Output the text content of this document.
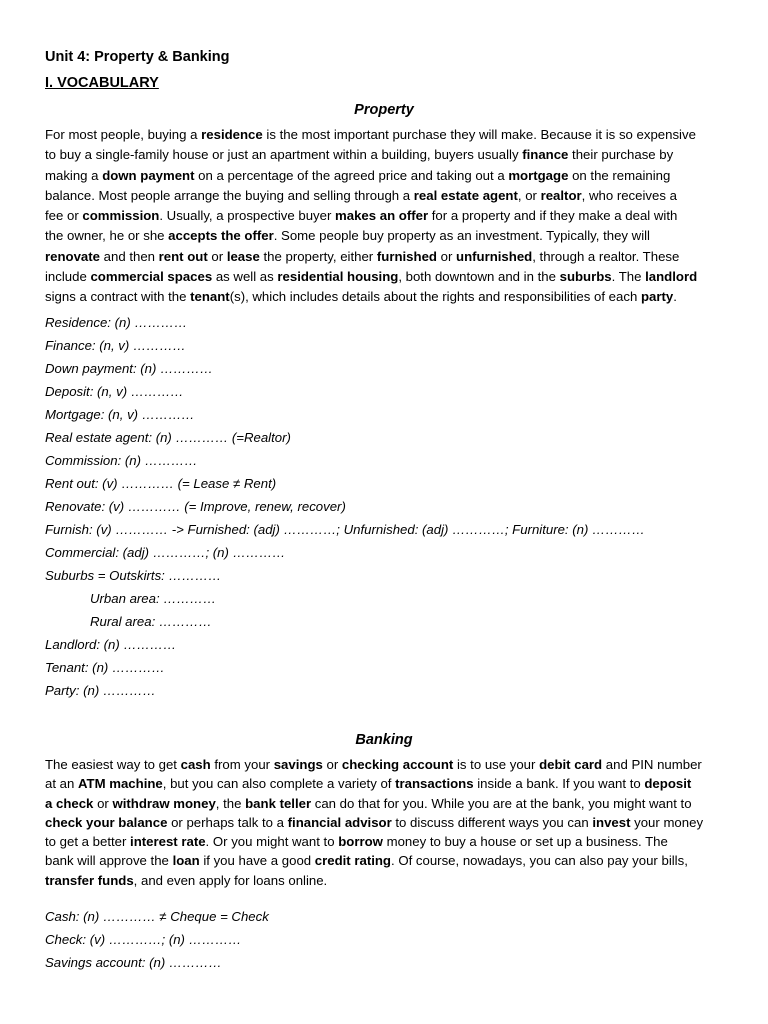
Unit 4: Property & Banking
I. VOCABULARY
Property
For most people, buying a residence is the most important purchase they will make. Because it is so expensive
to buy a single-family house or just an apartment within a building, buyers usually finance their purchase by
making a down payment on a percentage of the agreed price and taking out a mortgage on the remaining
balance. Most people arrange the buying and selling through a real estate agent, or realtor, who receives a
fee or commission. Usually, a prospective buyer makes an offer for a property and if they make a deal with
the owner, he or she accepts the offer. Some people buy property as an investment. Typically, they will
renovate and then rent out or lease the property, either furnished or unfurnished, through a realtor. These
include commercial spaces as well as residential housing, both downtown and in the suburbs. The landlord
signs a contract with the tenant(s), which includes details about the rights and responsibilities of each party.
Residence: (n) …………
Finance: (n, v) …………
Down payment: (n) …………
Deposit: (n, v) …………
Mortgage: (n, v) …………
Real estate agent: (n) ………… (=Realtor)
Commission: (n) …………
Rent out: (v) ………… (= Lease ≠ Rent)
Renovate: (v) ………… (= Improve, renew, recover)
Furnish: (v) ………… -> Furnished: (adj) …………; Unfurnished: (adj) …………; Furniture: (n) …………
Commercial: (adj) …………; (n) …………
Suburbs = Outskirts: …………
Urban area: …………
Rural area: …………
Landlord: (n) …………
Tenant: (n) …………
Party: (n) …………
Banking
The easiest way to get cash from your savings or checking account is to use your debit card and PIN number
at an ATM machine, but you can also complete a variety of transactions inside a bank. If you want to deposit
a check or withdraw money, the bank teller can do that for you. While you are at the bank, you might want to
check your balance or perhaps talk to a financial advisor to discuss different ways you can invest your money
to get a better interest rate. Or you might want to borrow money to buy a house or set up a business. The
bank will approve the loan if you have a good credit rating. Of course, nowadays, you can also pay your bills,
transfer funds, and even apply for loans online.
Cash: (n) ………… ≠ Cheque = Check
Check: (v) …………; (n) …………
Savings account: (n) …………
